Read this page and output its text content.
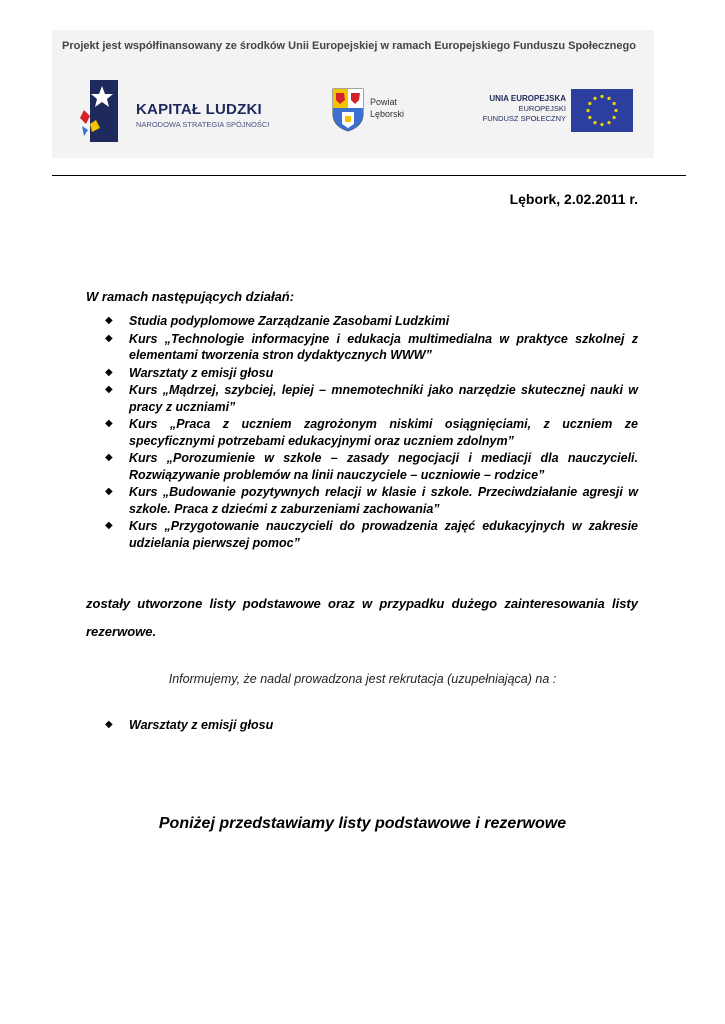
Projekt jest współfinansowany ze środków Unii Europejskiej w ramach Europejskiego Funduszu Społecznego
KAPITAŁ LUDZKI
NARODOWA STRATEGIA SPÓJNOŚCI
Powiat
Lęborski
UNIA EUROPEJSKA
EUROPEJSKI
FUNDUSZ SPOŁECZNY
Lębork, 2.02.2011 r.
W ramach następujących działań:
◆ Studia podyplomowe Zarządzanie Zasobami Ludzkimi
◆ Kurs „Technologie informacyjne i edukacja multimedialna w praktyce szkolnej z elementami tworzenia stron dydaktycznych WWW”
◆ Warsztaty z emisji głosu
◆ Kurs „Mądrzej, szybciej, lepiej – mnemotechniki jako narzędzie skutecznej nauki w pracy z uczniami”
◆ Kurs „Praca z uczniem zagrożonym niskimi osiągnięciami, z uczniem ze specyficznymi potrzebami edukacyjnymi oraz uczniem zdolnym”
◆ Kurs „Porozumienie w szkole – zasady negocjacji i mediacji dla nauczycieli. Rozwiązywanie problemów na linii nauczyciele – uczniowie – rodzice”
◆ Kurs „Budowanie pozytywnych relacji w klasie i szkole. Przeciwdziałanie agresji w szkole. Praca z dziećmi z zaburzeniami zachowania”
◆ Kurs „Przygotowanie nauczycieli do prowadzenia zajęć edukacyjnych w zakresie udzielania pierwszej pomoc”
zostały utworzone listy podstawowe oraz w przypadku dużego zainteresowania listy rezerwowe.
Informujemy, że nadal prowadzona jest rekrutacja (uzupełniająca) na :
◆ Warsztaty z emisji głosu
Poniżej przedstawiamy listy podstawowe i rezerwowe
